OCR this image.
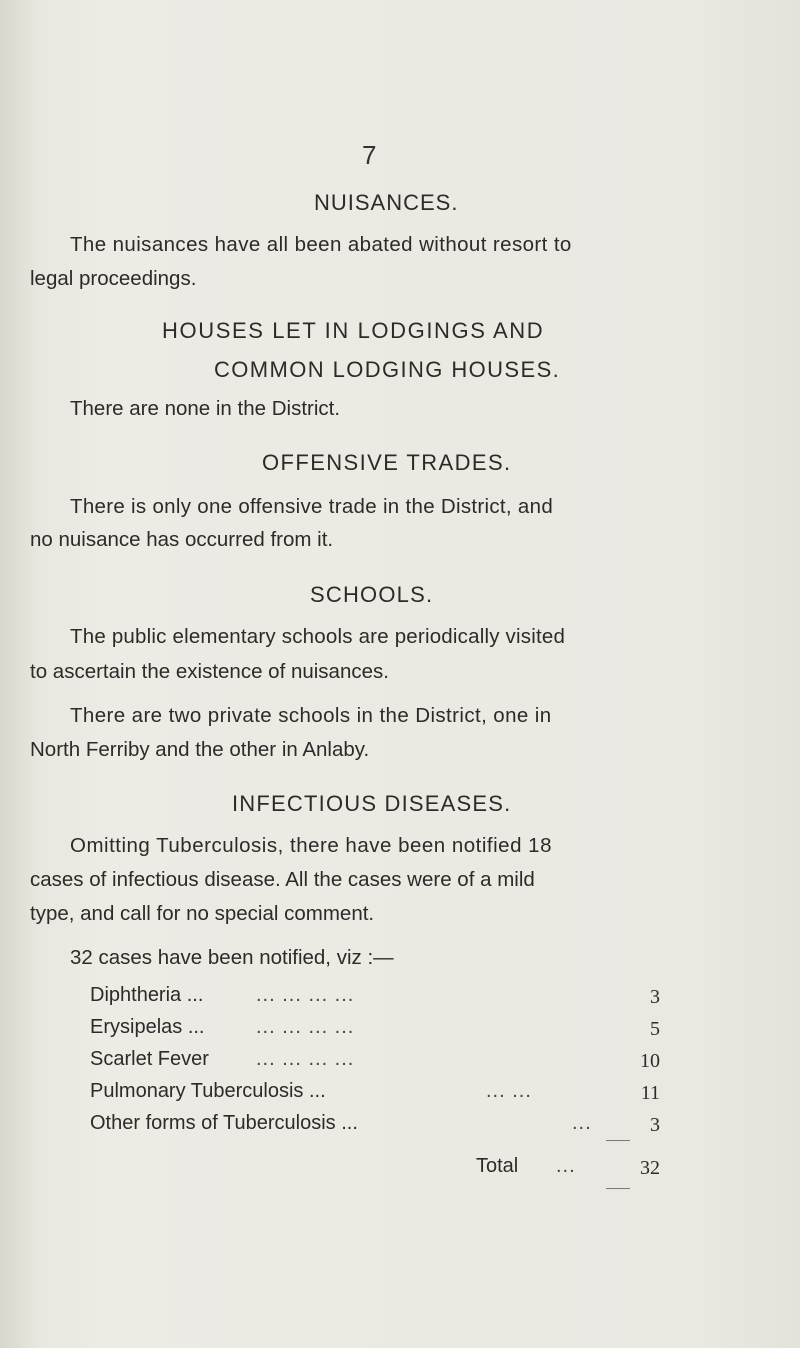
7
NUISANCES.
The nuisances have all been abated without resort to
legal proceedings.
HOUSES LET IN LODGINGS AND
COMMON LODGING HOUSES.
There are none in the District.
OFFENSIVE TRADES.
There is only one offensive trade in the District, and
no nuisance has occurred from it.
SCHOOLS.
The public elementary schools are periodically visited
to ascertain the existence of nuisances.
There are two private schools in the District, one in
North Ferriby and the other in Anlaby.
INFECTIOUS DISEASES.
Omitting Tuberculosis, there have been notified 18
cases of infectious disease. All the cases were of a mild
type, and call for no special comment.
32 cases have been notified, viz :—
Diphtheria ...	... ... ... ...	3
Erysipelas ...	... ... ... ...	5
Scarlet Fever ... ... ... ...	10
Pulmonary Tuberculosis ...	... ...	11
Other forms of Tuberculosis ...	...	3
Total ...	32
